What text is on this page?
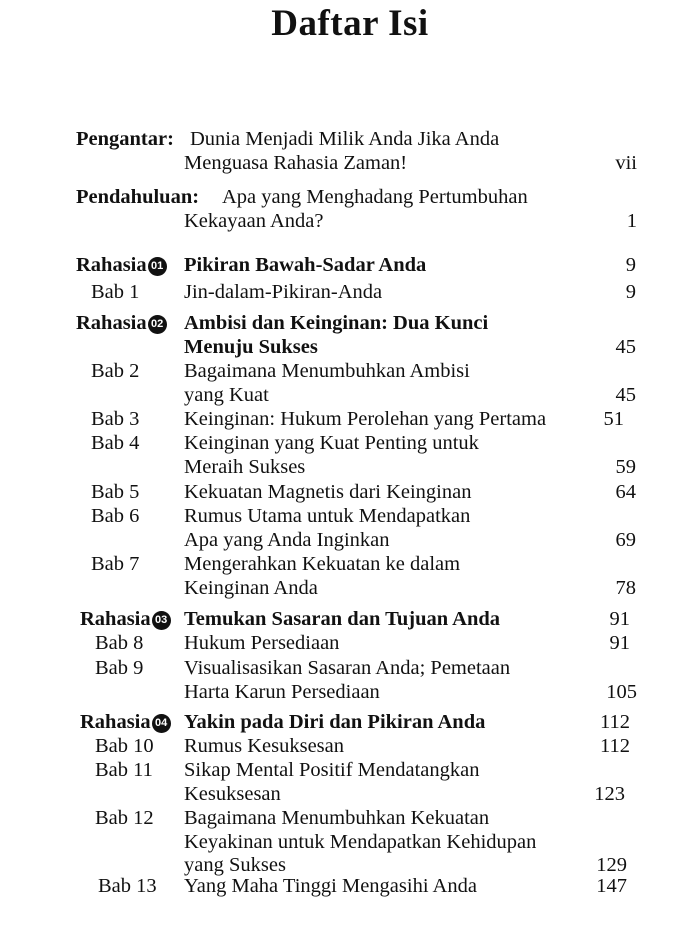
Daftar Isi
Pengantar: Dunia Menjadi Milik Anda Jika Anda
Menguasa Rahasia Zaman!	vii
Pendahuluan: Apa yang Menghadang Pertumbuhan
Kekayaan Anda?	1
Rahasia 01 Pikiran Bawah-Sadar Anda	9
Bab 1 Jin-dalam-Pikiran-Anda	9
Rahasia 02 Ambisi dan Keinginan: Dua Kunci
Menuju Sukses	45
Bab 2 Bagaimana Menumbuhkan Ambisi
yang Kuat	45
Bab 3 Keinginan: Hukum Perolehan yang Pertama	51
Bab 4 Keinginan yang Kuat Penting untuk
Meraih Sukses	59
Bab 5 Kekuatan Magnetis dari Keinginan	64
Bab 6 Rumus Utama untuk Mendapatkan
Apa yang Anda Inginkan	69
Bab 7 Mengerahkan Kekuatan ke dalam
Keinginan Anda	78
Rahasia 03 Temukan Sasaran dan Tujuan Anda	91
Bab 8 Hukum Persediaan	91
Bab 9 Visualisasikan Sasaran Anda; Pemetaan
Harta Karun Persediaan	105
Rahasia 04 Yakin pada Diri dan Pikiran Anda	112
Bab 10 Rumus Kesuksesan	112
Bab 11 Sikap Mental Positif Mendatangkan
Kesuksesan	123
Bab 12 Bagaimana Menumbuhkan Kekuatan
Keyakinan untuk Mendapatkan Kehidupan
yang Sukses	129
Bab 13 Yang Maha Tinggi Mengasihi Anda	147
